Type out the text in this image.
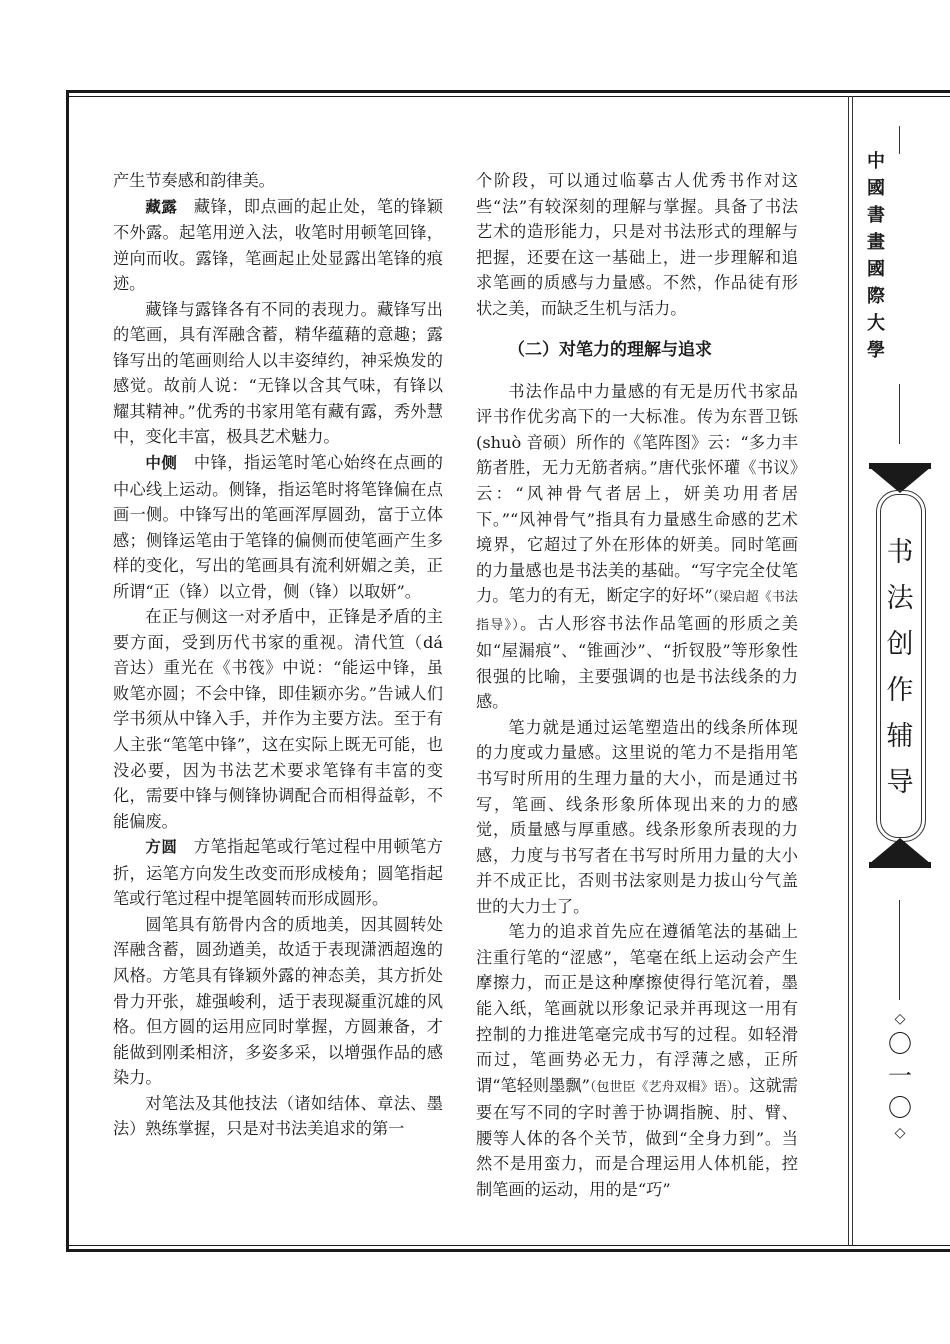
产生节奏感和韵律美。

藏露　藏锋，即点画的起止处，笔的锋颖不外露。起笔用逆入法，收笔时用顿笔回锋，逆向而收。露锋，笔画起止处显露出笔锋的痕迹。

藏锋与露锋各有不同的表现力。藏锋写出的笔画，具有浑融含蓄，精华蕴藉的意趣；露锋写出的笔画则给人以丰姿绰约，神采焕发的感觉。故前人说：“无锋以含其气味，有锋以耀其精神。”优秀的书家用笔有藏有露，秀外慧中，变化丰富，极具艺术魅力。

中侧　中锋，指运笔时笔心始终在点画的中心线上运动。侧锋，指运笔时将笔锋偏在点画一侧。中锋写出的笔画浑厚圆劲，富于立体感；侧锋运笔由于笔锋的偏侧而使笔画产生多样的变化，写出的笔画具有流利妍媚之美，正所谓“正（锋）以立骨，侧（锋）以取妍”。

在正与侧这一对矛盾中，正锋是矛盾的主要方面，受到历代书家的重视。清代笪（dá 音达）重光在《书筏》中说：“能运中锋，虽败笔亦圆；不会中锋，即佳颖亦劣。”告诫人们学书须从中锋入手，并作为主要方法。至于有人主张“笔笔中锋”，这在实际上既无可能，也没必要，因为书法艺术要求笔锋有丰富的变化，需要中锋与侧锋协调配合而相得益彰，不能偏废。

方圆　方笔指起笔或行笔过程中用顿笔方折，运笔方向发生改变而形成棱角；圆笔指起笔或行笔过程中提笔圆转而形成圆形。

圆笔具有筋骨内含的质地美，因其圆转处浑融含蓄，圆劲遒美，故适于表现潇洒超逸的风格。方笔具有锋颖外露的神态美，其方折处骨力开张，雄强峻利，适于表现凝重沉雄的风格。但方圆的运用应同时掌握，方圆兼备，才能做到刚柔相济，多姿多采，以增强作品的感染力。

对笔法及其他技法（诸如结体、章法、墨法）熟练掌握，只是对书法美追求的第一

个阶段，可以通过临摹古人优秀书作对这些“法”有较深刻的理解与掌握。具备了书法艺术的造形能力，只是对书法形式的理解与把握，还要在这一基础上，进一步理解和追求笔画的质感与力量感。不然，作品徒有形状之美，而缺乏生机与活力。

（二）对笔力的理解与追求

书法作品中力量感的有无是历代书家品评书作优劣高下的一大标准。传为东晋卫铄(shuò 音硕）所作的《笔阵图》云：“多力丰筋者胜，无力无筋者病。”唐代张怀瓘《书议》云：“风神骨气者居上，妍美功用者居下。”“风神骨气”指具有力量感生命感的艺术境界，它超过了外在形体的妍美。同时笔画的力量感也是书法美的基础。“写字完全仗笔力。笔力的有无，断定字的好坏”（梁启超《书法指导》）。古人形容书法作品笔画的形质之美如“屋漏痕”、“锥画沙”、“折钗股”等形象性很强的比喻，主要强调的也是书法线条的力感。

笔力就是通过运笔塑造出的线条所体现的力度或力量感。这里说的笔力不是指用笔书写时所用的生理力量的大小，而是通过书写，笔画、线条形象所体现出来的力的感觉，质量感与厚重感。线条形象所表现的力感，力度与书写者在书写时所用力量的大小并不成正比，否则书法家则是力拔山兮气盖世的大力士了。

笔力的追求首先应在遵循笔法的基础上注重行笔的“涩感”，笔毫在纸上运动会产生摩擦力，而正是这种摩擦使得行笔沉着，墨能入纸，笔画就以形象记录并再现这一用有控制的力推进笔毫完成书写的过程。如轻滑而过，笔画势必无力，有浮薄之感，正所谓“笔轻则墨飘”（包世臣《艺舟双楫》语）。这就需要在写不同的字时善于协调指腕、肘、臂、腰等人体的各个关节，做到“全身力到”。当然不是用蛮力，而是合理运用人体机能，控制笔画的运动，用的是“巧”

中
國
書
畫
國
際
大
學
书
法
创
作
辅
导
◇
〇
一
〇
◇
